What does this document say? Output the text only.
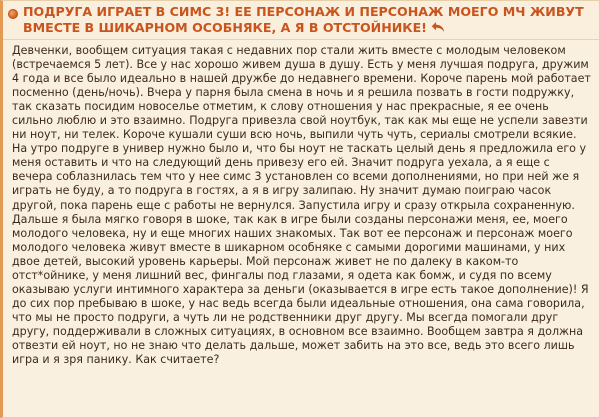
ПОДРУГА ИГРАЕТ В СИМС 3! ЕЕ ПЕРСОНАЖ И ПЕРСОНАЖ МОЕГО МЧ ЖИВУТ ВМЕСТЕ В ШИКАРНОМ ОСОБНЯКЕ, А Я В ОТСТОЙНИКЕ!

Девченки, вообщем ситуация такая с недавних пор стали жить вместе с молодым человеком (встречаемся 5 лет). Все у нас хорошо живем душа в душу. Есть у меня лучшая подруга, дружим 4 года и все было идеально в нашей дружбе до недавнего времени. Короче парень мой работает посменно (день/ночь). Вчера у парня была смена в ночь и я решила позвать в гости подружку, так сказать посидим новоселье отметим, к слову отношения у нас прекрасные, я ее очень сильно люблю и это взаимно. Подруга привезла свой ноутбук, так как мы еще не успели завезти ни ноут, ни телек. Короче кушали суши всю ночь, выпили чуть чуть, сериалы смотрели всякие. На утро подруге в универ нужно было и, что бы ноут не таскать целый день я предложила его у меня оставить и что на следующий день привезу его ей. Значит подруга уехала, а я еще с вечера соблазнилась тем что у нее симс 3 установлен со всеми дополнениями, но при ней же я играть не буду, а то подруга в гостях, а я в игру залипаю. Ну значит думаю поиграю часок другой, пока парень еще с работы не вернулся. Запустила игру и сразу открыла сохраненную. Дальше я была мягко говоря в шоке, так как в игре были созданы персонажи меня, ее, моего молодого человека, ну и еще многих наших знакомых. Так вот ее персонаж и персонаж моего молодого человека живут вместе в шикарном особняке с самыми дорогими машинами, у них двое детей, высокий уровень карьеры. Мой персонаж живет не по далеку в каком-то отст*ойнике, у меня лишний вес, фингалы под глазами, я одета как бомж, и судя по всему оказываю услуги интимного характера за деньги (оказывается в игре есть такое дополнение)! Я до сих пор пребываю в шоке, у нас ведь всегда были идеальные отношения, она сама говорила, что мы не просто подруги, а чуть ли не родственники друг другу. Мы всегда помогали друг другу, поддерживали в сложных ситуациях, в основном все взаимно. Вообщем завтра я должна отвезти ей ноут, но не знаю что делать дальше, может забить на это все, ведь это всего лишь игра и я зря панику. Как считаете?
